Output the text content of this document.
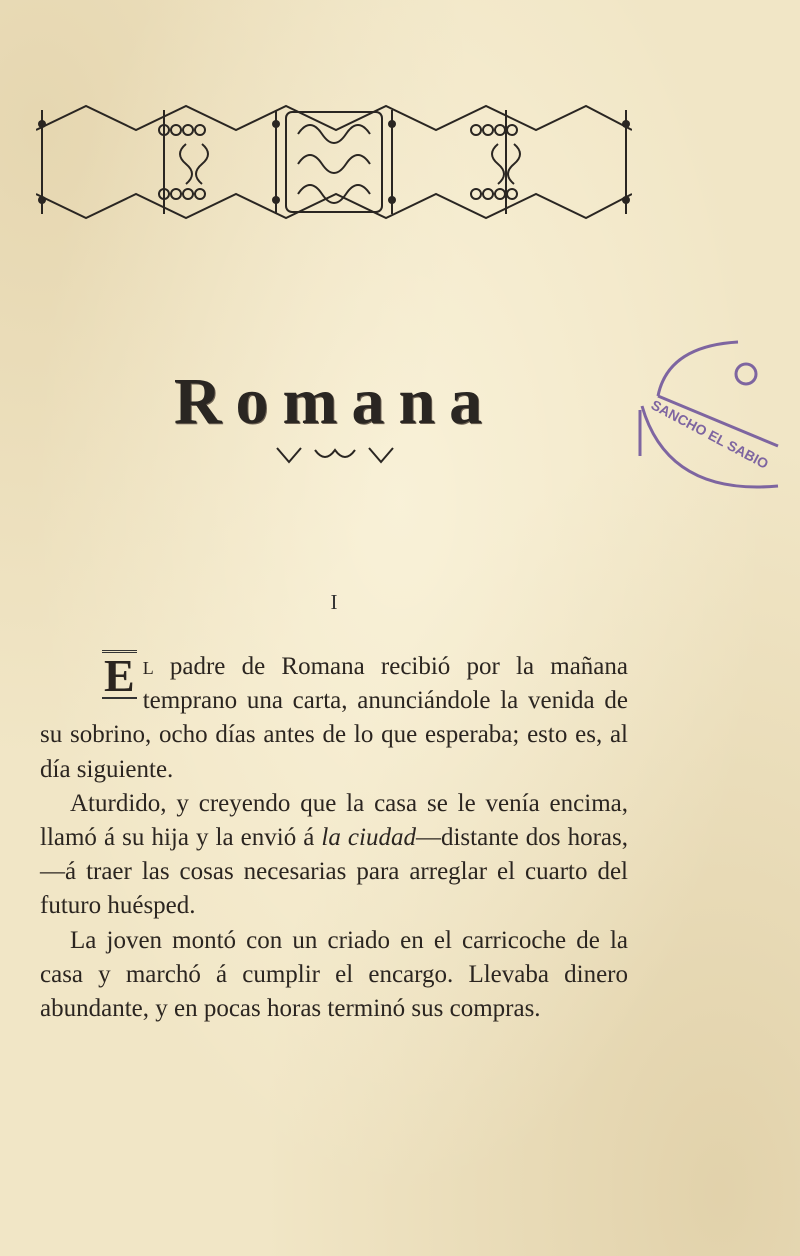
Romana	SANCHO EL SABIO
I

E l padre de Romana recibió por la mañana temprano una carta, anunciándole la venida de su sobrino, ocho días antes de lo que esperaba; esto es, al día siguiente.

Aturdido, y creyendo que la casa se le venía encima, llamó á su hija y la envió á la ciudad—distante dos horas,—á traer las cosas necesarias para arreglar el cuarto del futuro huésped.

La joven montó con un criado en el carricoche de la casa y marchó á cumplir el encargo. Llevaba dinero abundante, y en pocas horas terminó sus compras.
